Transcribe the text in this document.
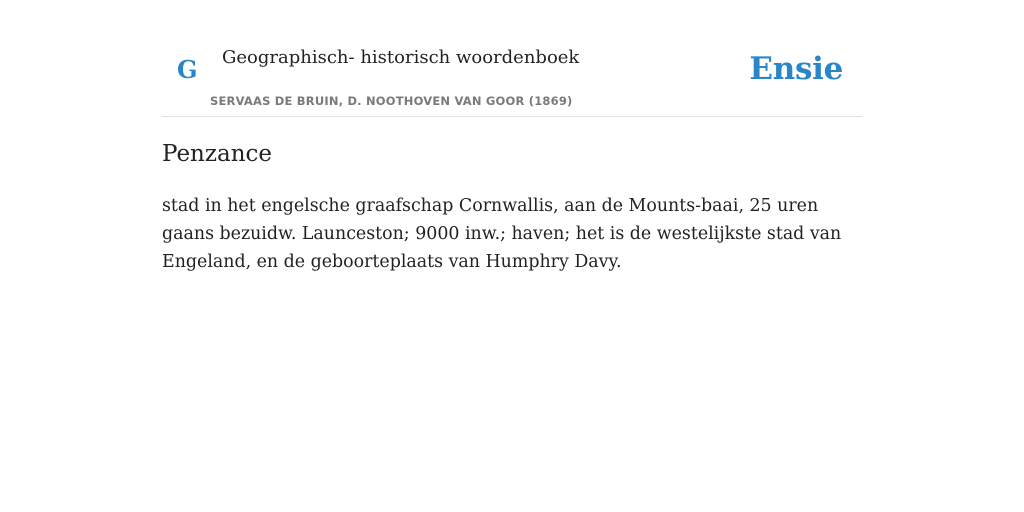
G Geographisch- historisch woordenboek
SERVAAS DE BRUIN, D. NOOTHOVEN VAN GOOR (1869)
Ensie
Penzance

stad in het engelsche graafschap Cornwallis, aan de Mounts-baai, 25 uren gaans bezuidw. Launceston; 9000 inw.; haven; het is de westelijkste stad van Engeland, en de geboorteplaats van Humphry Davy.
